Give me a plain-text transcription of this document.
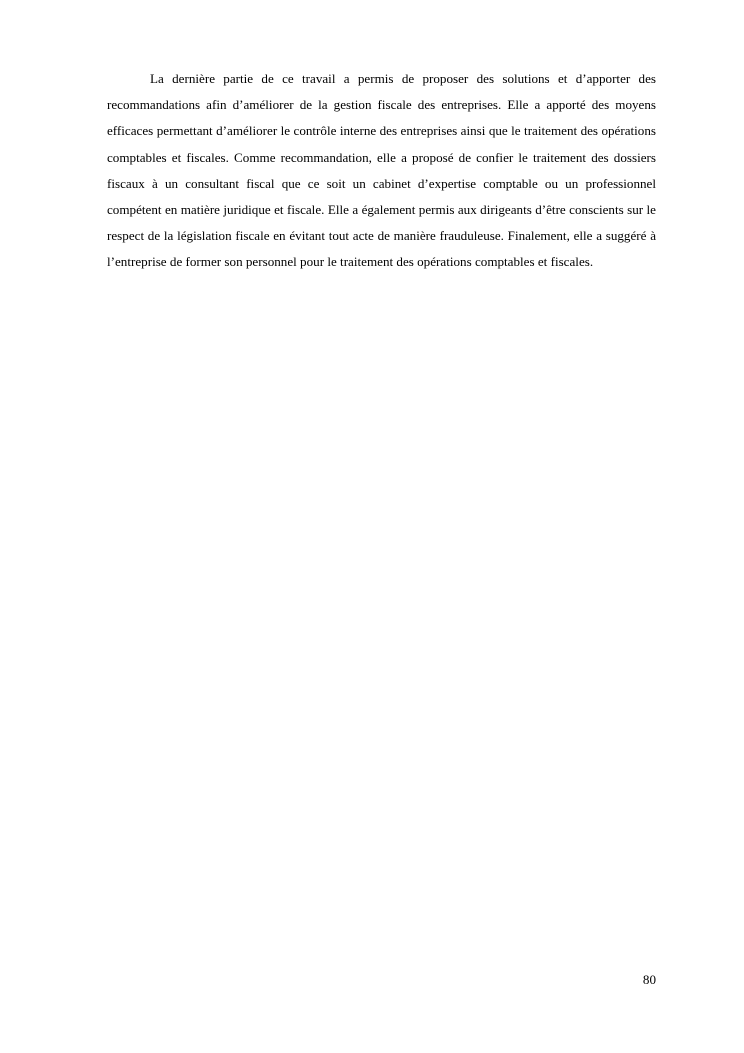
La dernière partie de ce travail a permis de proposer des solutions et d’apporter des recommandations afin d’améliorer de la gestion fiscale des entreprises. Elle a apporté des moyens efficaces permettant d’améliorer le contrôle interne des entreprises ainsi que le traitement des opérations comptables et fiscales. Comme recommandation, elle a proposé de confier le traitement des dossiers fiscaux à un consultant fiscal que ce soit un cabinet d’expertise comptable ou un professionnel compétent en matière juridique et fiscale. Elle a également permis aux dirigeants d’être conscients sur le respect de la législation fiscale en évitant tout acte de manière frauduleuse. Finalement, elle a suggéré à l’entreprise de former son personnel pour le traitement des opérations comptables et fiscales.

80
